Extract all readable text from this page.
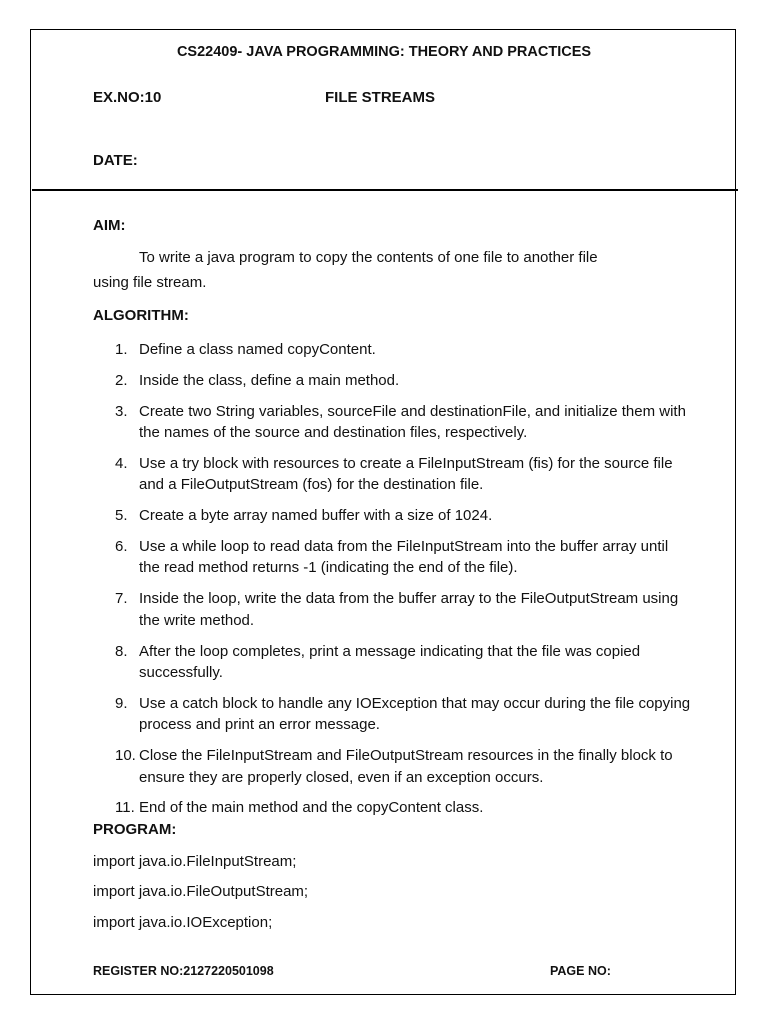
CS22409- JAVA PROGRAMMING: THEORY AND PRACTICES
EX.NO:10	FILE STREAMS
DATE:
AIM:
To write a java program to copy the contents of one file to another file
using file stream.
ALGORITHM:
1. Define a class named copyContent.
2. Inside the class, define a main method.
3. Create two String variables, sourceFile and destinationFile, and initialize them with the names of the source and destination files, respectively.
4. Use a try block with resources to create a FileInputStream (fis) for the source file and a FileOutputStream (fos) for the destination file.
5. Create a byte array named buffer with a size of 1024.
6. Use a while loop to read data from the FileInputStream into the buffer array until the read method returns -1 (indicating the end of the file).
7. Inside the loop, write the data from the buffer array to the FileOutputStream using the write method.
8. After the loop completes, print a message indicating that the file was copied successfully.
9. Use a catch block to handle any IOException that may occur during the file copying process and print an error message.
10. Close the FileInputStream and FileOutputStream resources in the finally block to ensure they are properly closed, even if an exception occurs.
11. End of the main method and the copyContent class.
PROGRAM:
import java.io.FileInputStream;
import java.io.FileOutputStream;
import java.io.IOException;
REGISTER NO:2127220501098	PAGE NO:
